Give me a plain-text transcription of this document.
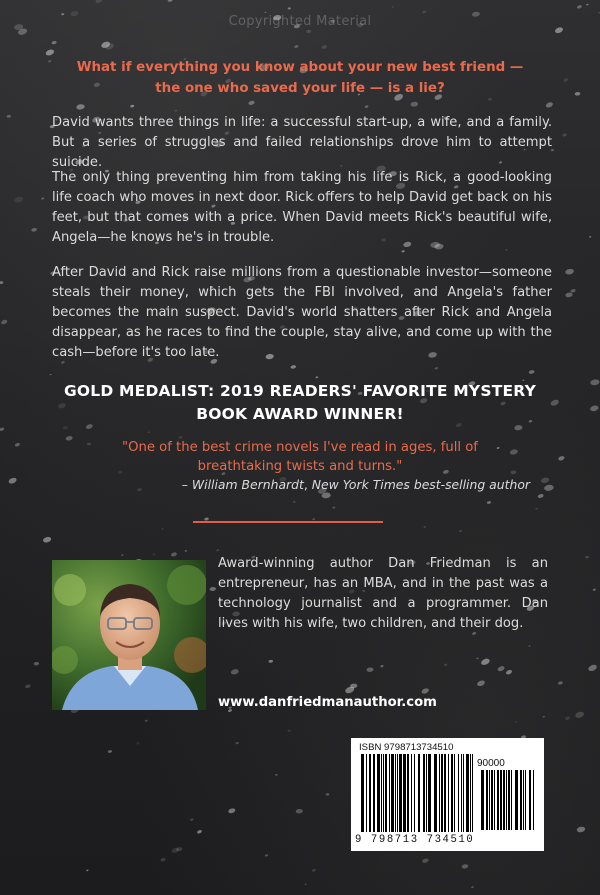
Copyrighted Material
What if everything you know about your new best friend —
the one who saved your life — is a lie?

David wants three things in life: a successful start-up, a wife, and a family. But a series of struggles and failed relationships drove him to attempt suicide.

The only thing preventing him from taking his life is Rick, a good-looking life coach who moves in next door. Rick offers to help David get back on his feet, but that comes with a price. When David meets Rick's beautiful wife, Angela—he knows he's in trouble.

After David and Rick raise millions from a questionable investor—someone steals their money, which gets the FBI involved, and Angela's father becomes the main suspect. David's world shatters after Rick and Angela disappear, as he races to find the couple, stay alive, and come up with the cash—before it's too late.

GOLD MEDALIST: 2019 READERS' FAVORITE MYSTERY
BOOK AWARD WINNER!
"One of the best crime novels I've read in ages, full of breathtaking twists and turns."
– William Bernhardt, New York Times best-selling author

Award-winning author Dan Friedman is an entrepreneur, has an MBA, and in the past was a technology journalist and a programmer. Dan lives with his wife, two children, and their dog.

www.danfriedmanauthor.com
ISBN 9798713734510
90000
9 798713 734510
